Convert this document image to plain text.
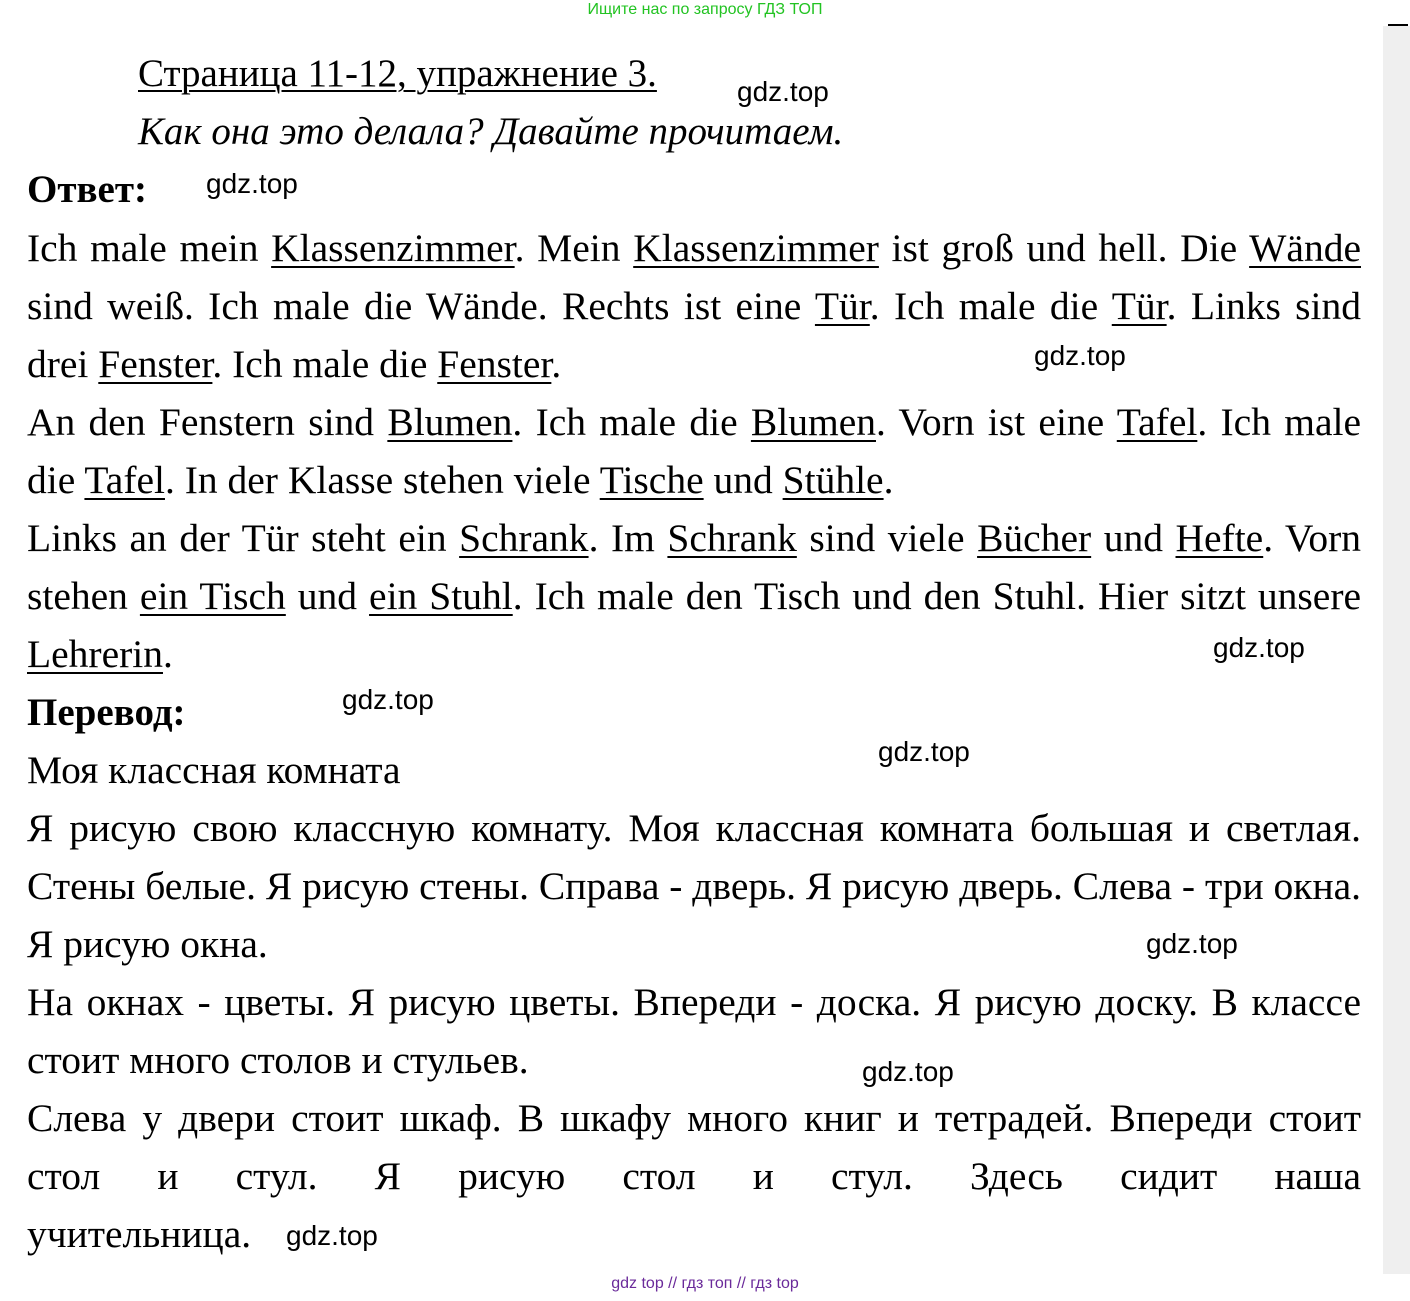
Ищите нас по запросу ГДЗ ТОП
Страница 11-12, упражнение 3.	gdz.top
Как она это делала? Давайте прочитаем.
Ответ: gdz.top
Ich male mein Klassenzimmer. Mein Klassenzimmer ist groß und hell. Die Wände sind weiß. Ich male die Wände. Rechts ist eine Tür. Ich male die Tür. Links sind drei Fenster. Ich male die Fenster.	gdz.top
An den Fenstern sind Blumen. Ich male die Blumen. Vorn ist eine Tafel. Ich male die Tafel. In der Klasse stehen viele Tische und Stühle.
Links an der Tür steht ein Schrank. Im Schrank sind viele Bücher und Hefte. Vorn stehen ein Tisch und ein Stuhl. Ich male den Tisch und den Stuhl. Hier sitzt unsere Lehrerin.	gdz.top
Перевод:	gdz.top
Моя классная комната	gdz.top
Я рисую свою классную комнату. Моя классная комната большая и светлая. Стены белые. Я рисую стены. Справа - дверь. Я рисую дверь. Слева - три окна. Я рисую окна.	gdz.top
На окнах - цветы. Я рисую цветы. Впереди - доска. Я рисую доску. В классе стоит много столов и стульев.	gdz.top
Слева у двери стоит шкаф. В шкафу много книг и тетрадей. Впереди стоит стол и стул. Я рисую стол и стул. Здесь сидит наша
учительница. gdz.top
gdz top // гдз топ // гдз top
